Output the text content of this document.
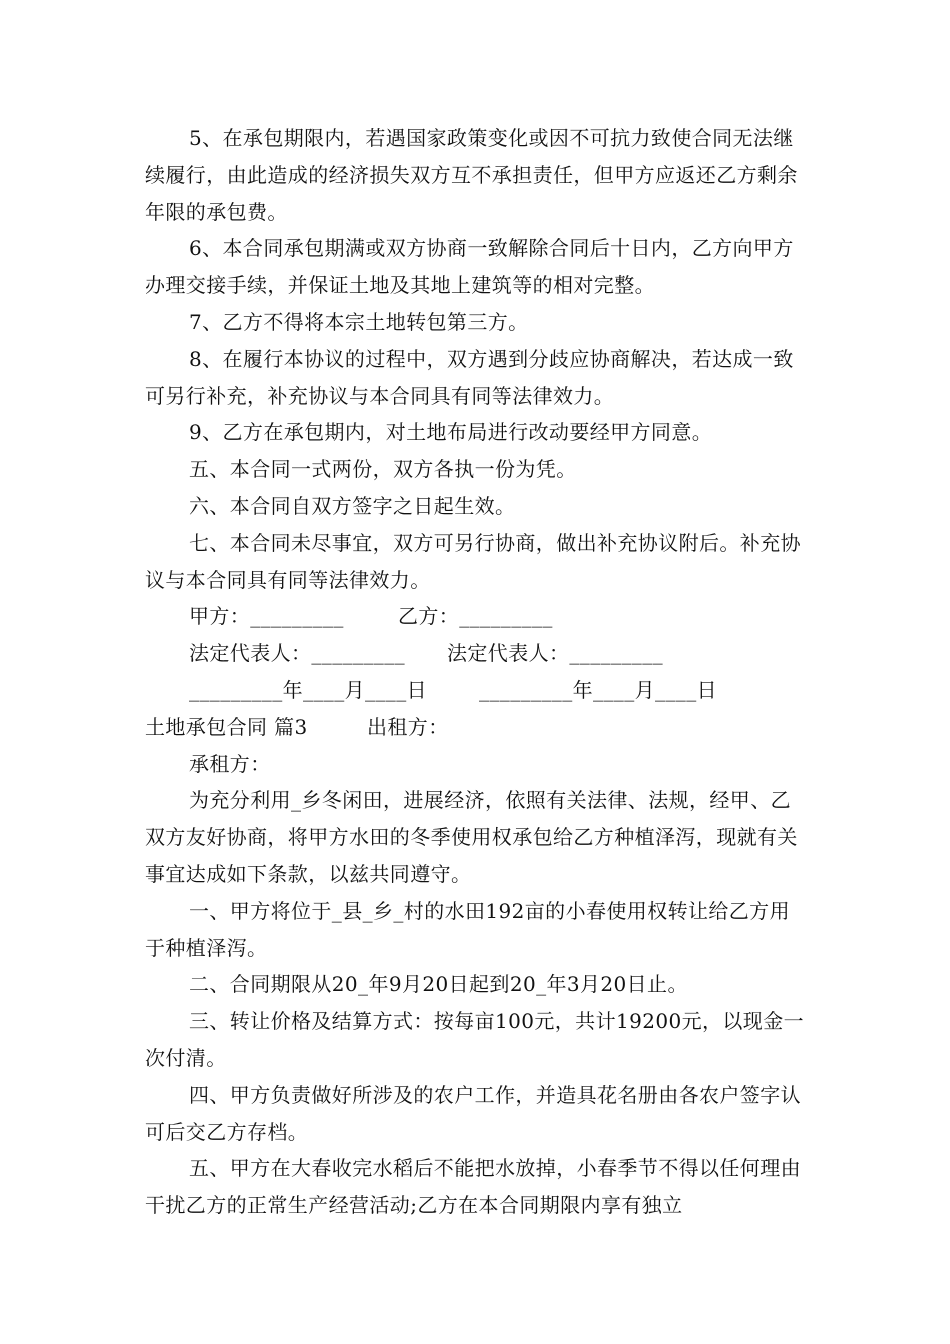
5、在承包期限内，若遇国家政策变化或因不可抗力致使合同无法继续履行，由此造成的经济损失双方互不承担责任，但甲方应返还乙方剩余年限的承包费。

6、本合同承包期满或双方协商一致解除合同后十日内，乙方向甲方办理交接手续，并保证土地及其地上建筑等的相对完整。

7、乙方不得将本宗土地转包第三方。

8、在履行本协议的过程中，双方遇到分歧应协商解决，若达成一致可另行补充，补充协议与本合同具有同等法律效力。

9、乙方在承包期内，对土地布局进行改动要经甲方同意。

五、本合同一式两份，双方各执一份为凭。

六、本合同自双方签字之日起生效。

七、本合同未尽事宜，双方可另行协商，做出补充协议附后。补充协议与本合同具有同等法律效力。

甲方：_________	乙方：_________
法定代表人：_________ 法定代表人：_________
_________年____月____日	_________年____月____日
土地承包合同 篇3	出租方：

承租方：

为充分利用_乡冬闲田，进展经济，依照有关法律、法规，经甲、乙双方友好协商，将甲方水田的冬季使用权承包给乙方种植泽泻，现就有关事宜达成如下条款，以兹共同遵守。

一、甲方将位于_县_乡_村的水田192亩的小春使用权转让给乙方用于种植泽泻。

二、合同期限从20_年9月20日起到20_年3月20日止。

三、转让价格及结算方式：按每亩100元，共计19200元，以现金一次付清。

四、甲方负责做好所涉及的农户工作，并造具花名册由各农户签字认可后交乙方存档。

五、甲方在大春收完水稻后不能把水放掉，小春季节不得以任何理由干扰乙方的正常生产经营活动;乙方在本合同期限内享有独立
